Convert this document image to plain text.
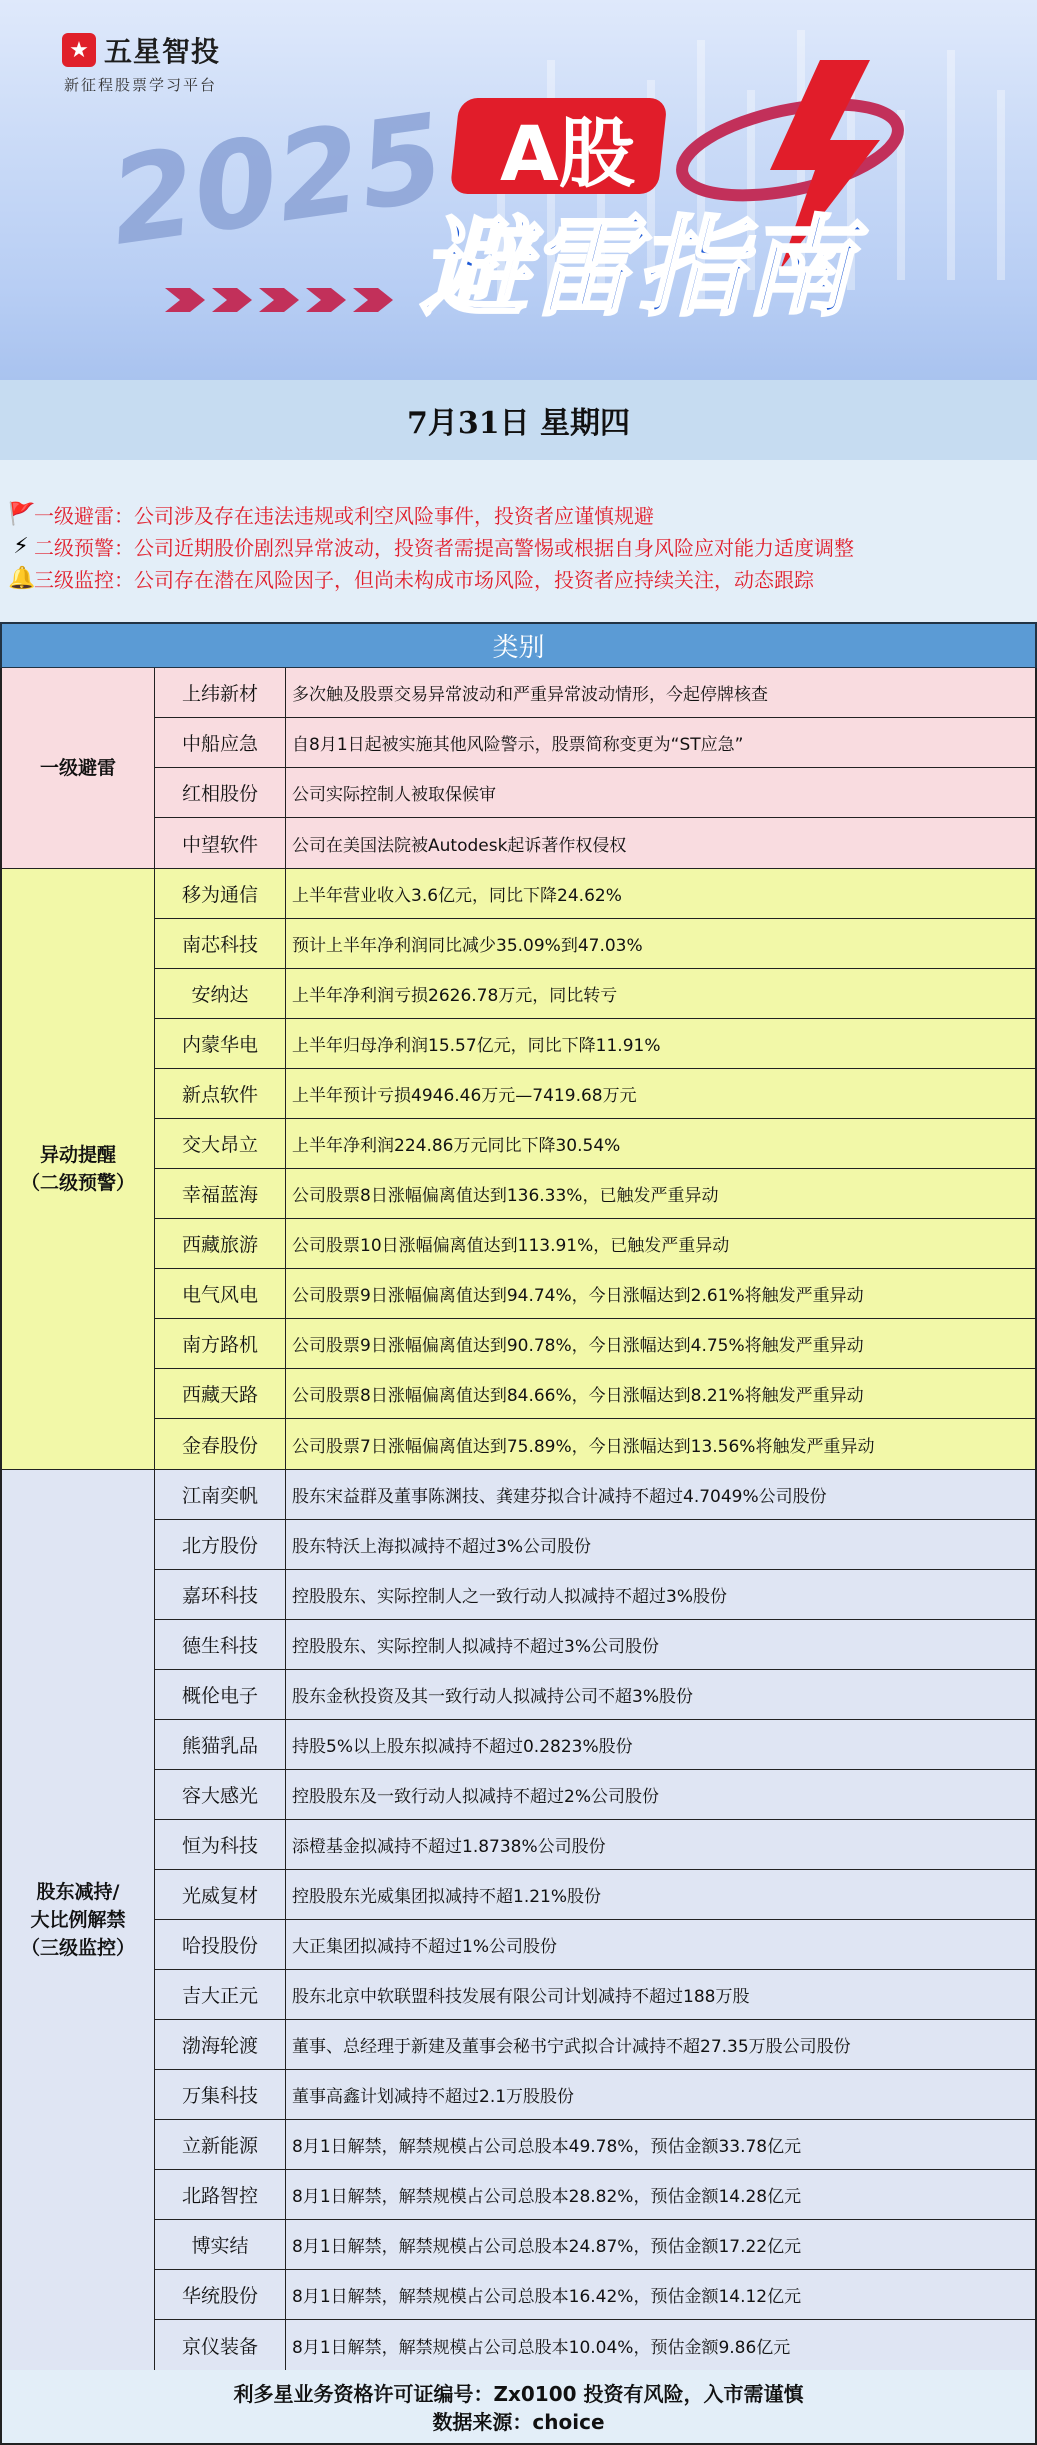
★ 五星智投
新征程股票学习平台
2025 A股
避雷指南
7月31日 星期四
🚩
一级避雷：公司涉及存在违法违规或利空风险事件，投资者应谨慎规避
⚡ 二级预警：公司近期股价剧烈异常波动，投资者需提高警惕或根据自身风险应对能力适度调整
🔔
三级监控：公司存在潜在风险因子，但尚未构成市场风险，投资者应持续关注，动态跟踪
类别
一级避雷
上纬新材	多次触及股票交易异常波动和严重异常波动情形，今起停牌核查
中船应急	自8月1日起被实施其他风险警示，股票简称变更为“ST应急”
红相股份	公司实际控制人被取保候审
中望软件	公司在美国法院被Autodesk起诉著作权侵权
异动提醒
（二级预警）
移为通信	上半年营业收入3.6亿元，同比下降24.62%
南芯科技	预计上半年净利润同比减少35.09%到47.03%
安纳达	上半年净利润亏损2626.78万元，同比转亏
内蒙华电	上半年归母净利润15.57亿元，同比下降11.91%
新点软件	上半年预计亏损4946.46万元—7419.68万元
交大昂立	上半年净利润224.86万元同比下降30.54%
幸福蓝海	公司股票8日涨幅偏离值达到136.33%，已触发严重异动
西藏旅游	公司股票10日涨幅偏离值达到113.91%，已触发严重异动
电气风电	公司股票9日涨幅偏离值达到94.74%，今日涨幅达到2.61%将触发严重异动
南方路机	公司股票9日涨幅偏离值达到90.78%，今日涨幅达到4.75%将触发严重异动
西藏天路	公司股票8日涨幅偏离值达到84.66%，今日涨幅达到8.21%将触发严重异动
金春股份	公司股票7日涨幅偏离值达到75.89%，今日涨幅达到13.56%将触发严重异动
股东减持/
大比例解禁
（三级监控）
江南奕帆	股东宋益群及董事陈渊技、龚建芬拟合计减持不超过4.7049%公司股份
北方股份	股东特沃上海拟减持不超过3%公司股份
嘉环科技	控股股东、实际控制人之一致行动人拟减持不超过3%股份
德生科技	控股股东、实际控制人拟减持不超过3%公司股份
概伦电子	股东金秋投资及其一致行动人拟减持公司不超3%股份
熊猫乳品	持股5%以上股东拟减持不超过0.2823%股份
容大感光	控股股东及一致行动人拟减持不超过2%公司股份
恒为科技	添橙基金拟减持不超过1.8738%公司股份
光威复材	控股股东光威集团拟减持不超1.21%股份
哈投股份	大正集团拟减持不超过1%公司股份
吉大正元	股东北京中软联盟科技发展有限公司计划减持不超过188万股
渤海轮渡	董事、总经理于新建及董事会秘书宁武拟合计减持不超27.35万股公司股份
万集科技	董事高鑫计划减持不超过2.1万股股份
立新能源	8月1日解禁，解禁规模占公司总股本49.78%，预估金额33.78亿元
北路智控	8月1日解禁，解禁规模占公司总股本28.82%，预估金额14.28亿元
博实结	8月1日解禁，解禁规模占公司总股本24.87%，预估金额17.22亿元
华统股份	8月1日解禁，解禁规模占公司总股本16.42%，预估金额14.12亿元
京仪装备	8月1日解禁，解禁规模占公司总股本10.04%，预估金额9.86亿元
利多星业务资格许可证编号：Zx0100 投资有风险，入市需谨慎
数据来源：choice
